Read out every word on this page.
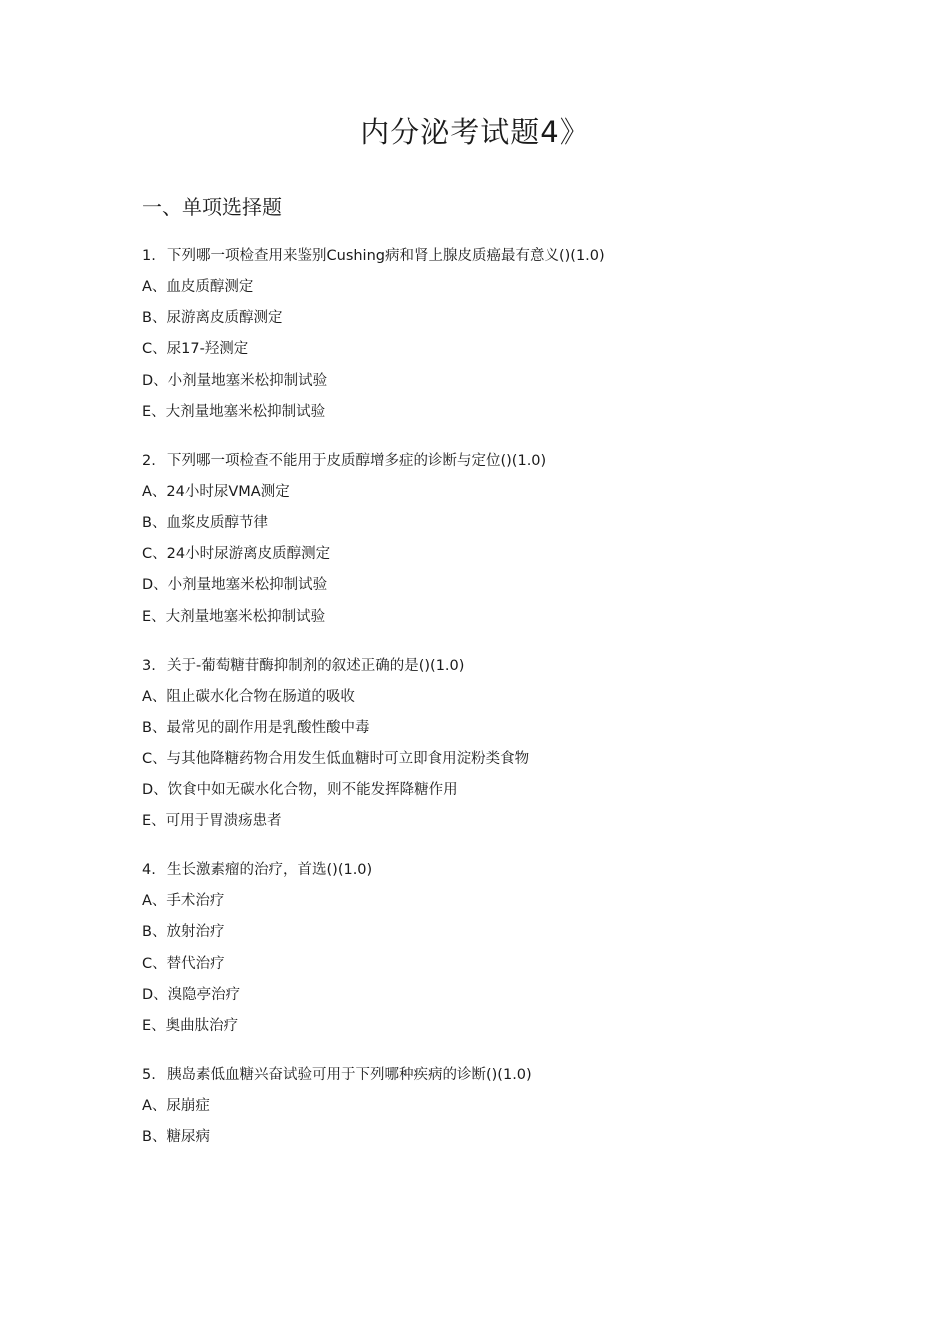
内分泌考试题4》
一、单项选择题
1. 下列哪一项检查用来鉴别Cushing病和肾上腺皮质癌最有意义()(1.0)
A、血皮质醇测定
B、尿游离皮质醇测定
C、尿17-羟测定
D、小剂量地塞米松抑制试验
E、大剂量地塞米松抑制试验
2. 下列哪一项检查不能用于皮质醇增多症的诊断与定位()(1.0)
A、24小时尿VMA测定
B、血浆皮质醇节律
C、24小时尿游离皮质醇测定
D、小剂量地塞米松抑制试验
E、大剂量地塞米松抑制试验
3. 关于-葡萄糖苷酶抑制剂的叙述正确的是()(1.0)
A、阻止碳水化合物在肠道的吸收
B、最常见的副作用是乳酸性酸中毒
C、与其他降糖药物合用发生低血糖时可立即食用淀粉类食物
D、饮食中如无碳水化合物，则不能发挥降糖作用
E、可用于胃溃疡患者
4. 生长激素瘤的治疗，首选()(1.0)
A、手术治疗
B、放射治疗
C、替代治疗
D、溴隐亭治疗
E、奥曲肽治疗
5. 胰岛素低血糖兴奋试验可用于下列哪种疾病的诊断()(1.0)
A、尿崩症
B、糖尿病
